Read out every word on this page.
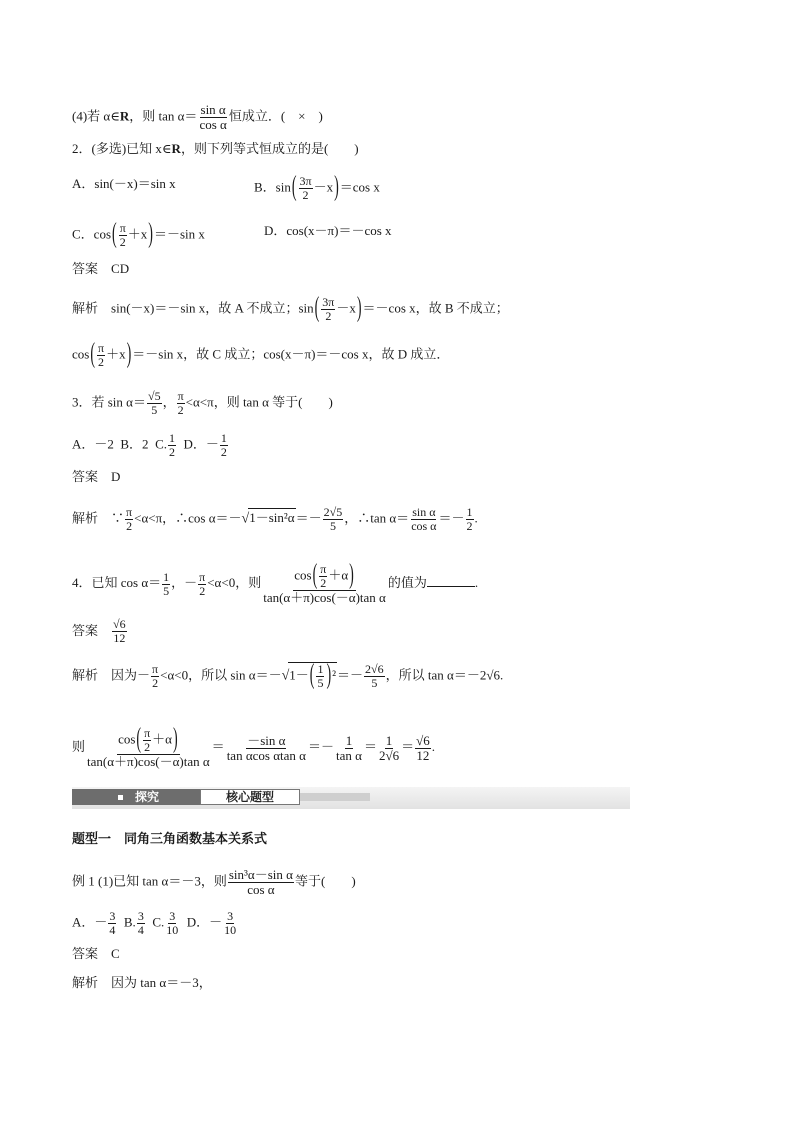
(4)若 α∈R，则 $\tan \alpha= \frac{\text{sin α}}{\text{cos α}}$ 恒成立．(　×　)
2．(多选)已知 x∈R，则下列等式恒成立的是(　　)
A．sin(－x)＝sin x	B．$\sin( \frac{3\pi}{2} -x)=\cos$ x
C．$\cos( \frac{\pi}{2} +x)=-\sin$ x	D．cos(x－π)＝－cos x
答案　 CD
解析　 sin(－x)＝－sin x，故 A 不成立；$\sin( \frac{3\pi}{2} -x)=-\cos$ x，故 B 不成立；
$\cos( \frac{\pi}{2} +x)=-\sin$ x，故 C 成立；cos(x－π)＝－cos x，故 D 成立．
3．若 $\sin \alpha= \frac{√5}{5}$ ， $\frac{\pi}{2} <\alpha<\pi$，则 tan α 等于(　　)
A．－2 B．2 C. $\frac{1}{2}$ D．－ $\frac{1}{2}$
答案　 D
解析　 ∵ $\frac{\pi}{2} <\alpha<\pi$，∴cos $\alpha=-√1-\sin^2\alpha=- \frac{2√5}{5}$ ，∴tan $\alpha= \frac{\text{sin α}}{\text{cos α}} =- \frac{1}{2}$ .
4．已知 $\cos \alpha= \frac{1}{5}$ ，－ $\frac{\pi}{2} <\alpha<0$，则 $\frac{\cos( \frac{\pi}{2} +\alpha)}{\text{tan(α＋π)cos(－α)tan α}}$ 的值为	.
答案　 $\frac{√6}{12}$
解析　 因为－ $\frac{\pi}{2} <\alpha<0$，所以 $\sin \alpha=-√1-( \frac{1}{5} )^2=- \frac{2√6}{5}$ ，所以 tan α＝－2√6.
则 $\frac{\cos( \frac{\pi}{2} +\alpha)}{\text{tan(α＋π)cos(－α)tan α}} = \frac{\text{－sin α}}{\text{tan αcos αtan α}} =- \frac{1}{\text{tan α}} = \frac{1}{2√6} = \frac{√6}{12}$ .
探究	核心题型
题型一　同角三角函数基本关系式
例 1 (1)已知 tan α＝－3，则 $\frac{\text{sin³α－sin α}}{\text{cos α}}$ 等于(　　)
A．－ $\frac{3}{4} B$. $\frac{3}{4} C$. $\frac{3}{10}$ D．－ $\frac{3}{10}$
答案　 C
解析　 因为 tan α＝－3，
